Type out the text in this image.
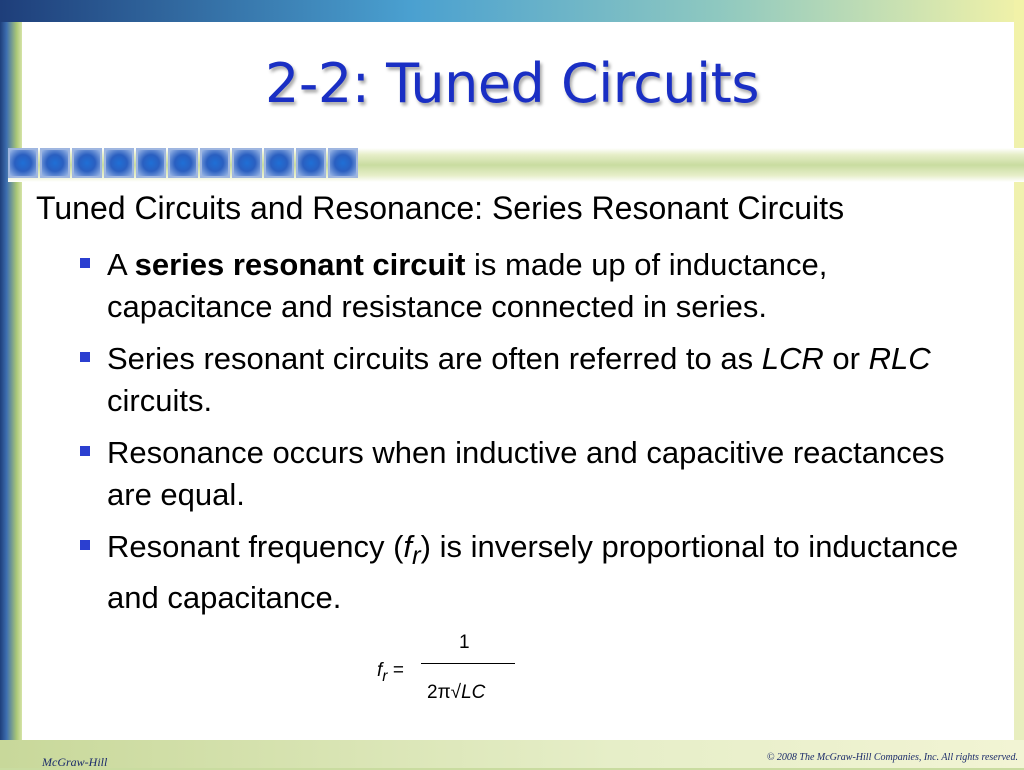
2-2: Tuned Circuits
Tuned Circuits and Resonance: Series Resonant Circuits
A series resonant circuit is made up of inductance, capacitance and resistance connected in series.
Series resonant circuits are often referred to as LCR or RLC circuits.
Resonance occurs when inductive and capacitive reactances are equal.
Resonant frequency $(f_r)$ is inversely proportional to inductance and capacitance.
$f_r$ =
1
2π√LC
McGraw-Hill	© 2008 The McGraw-Hill Companies, Inc. All rights reserved.
